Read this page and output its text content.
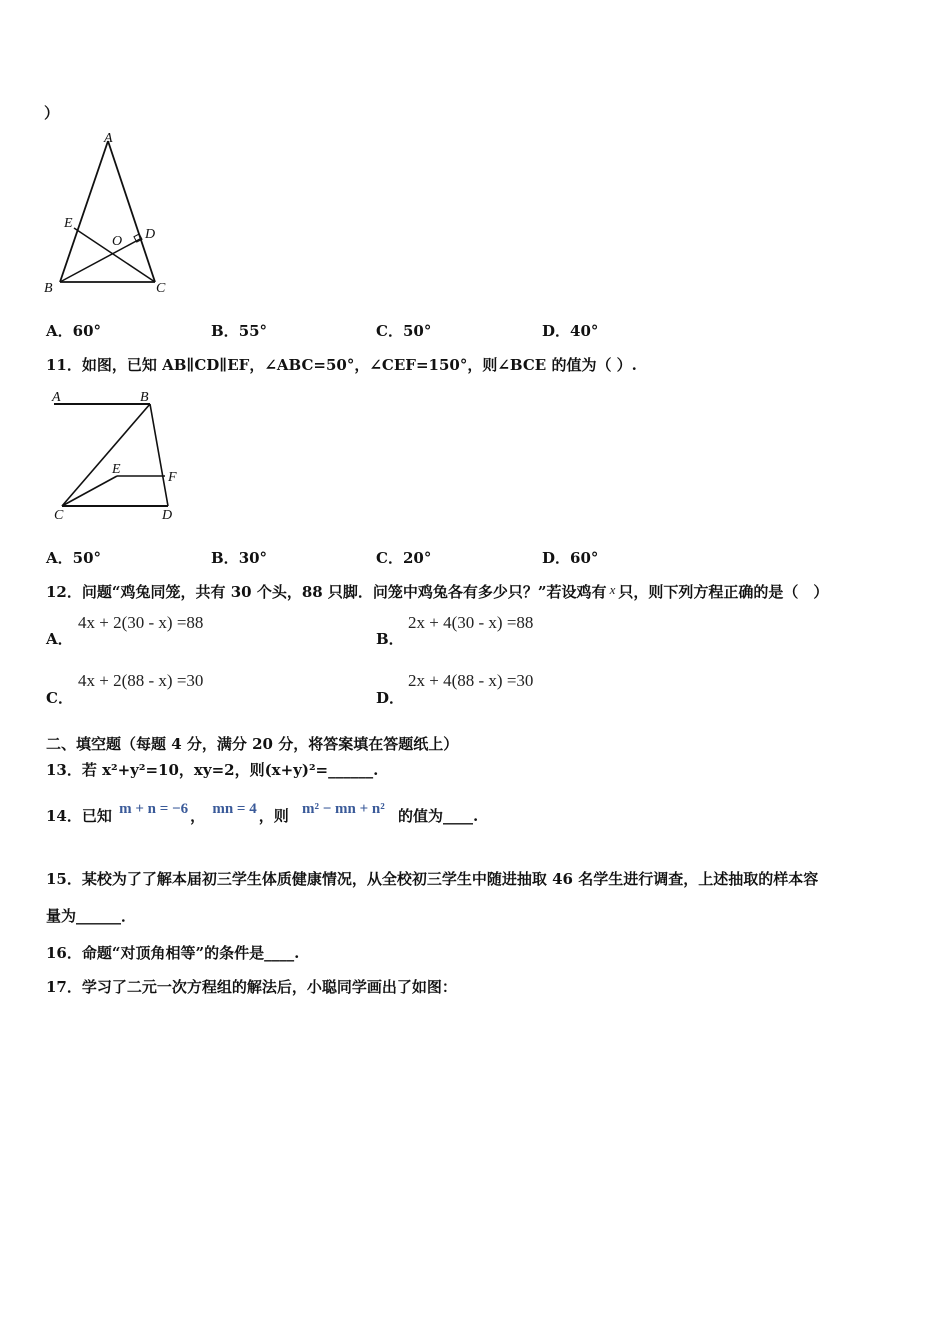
）
A
E
O D
B	C
A．60°	B．55°	C．50°	D．40°
11．如图，已知 AB∥CD∥EF，∠ABC=50°，∠CEF=150°，则∠BCE 的值为（ ）.
A	B
E
F
C	D
A．50°	B．30°	C．20°	D．60°
12．问题“鸡兔同笼，共有 30 个头，88 只脚．问笼中鸡兔各有多少只？”若设鸡有 x 只，则下列方程正确的是（　）
A．
4x + 2(30 - x) =88
B．
2x + 4(30 - x) =88
C．
4x + 2(88 - x) =30
D．
2x + 4(88 - x) =30
二、填空题（每题 4 分，满分 20 分，将答案填在答题纸上）
13．若 x²+y²=10，xy=2，则(x+y)²=______.
14．已知 m + n = −6 ， mn = 4 ，则 m² − mn + n² 的值为____.
15．某校为了了解本届初三学生体质健康情况，从全校初三学生中随进抽取 46 名学生进行调查，上述抽取的样本容
量为______．
16．命题“对顶角相等”的条件是____.
17．学习了二元一次方程组的解法后，小聪同学画出了如图：
